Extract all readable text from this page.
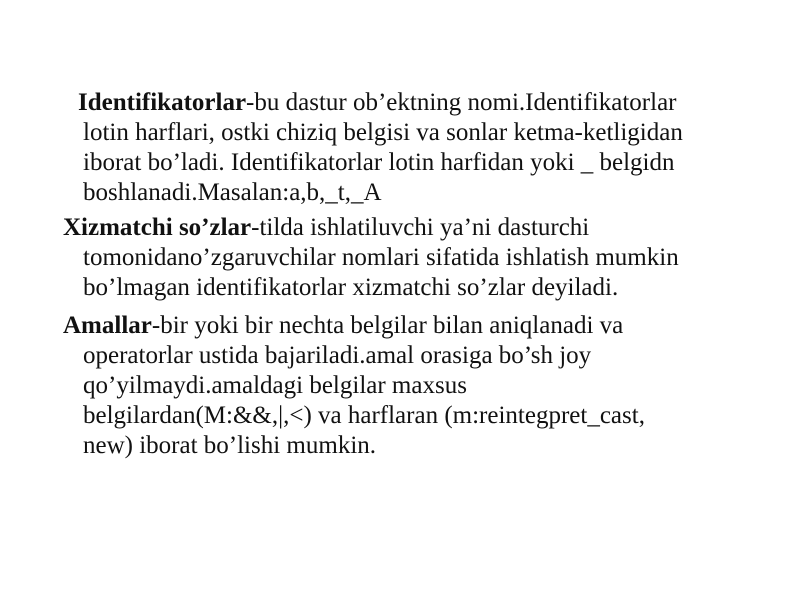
Identifikatorlar-bu dastur ob’ektning nomi.Identifikatorlar
lotin harflari, ostki chiziq belgisi va sonlar ketma-ketligidan
iborat bo’ladi. Identifikatorlar lotin harfidan yoki _ belgidn
boshlanadi.Masalan:a,b,_t,_A

Xizmatchi so’zlar-tilda ishlatiluvchi ya’ni dasturchi
tomonidano’zgaruvchilar nomlari sifatida ishlatish mumkin
bo’lmagan identifikatorlar xizmatchi so’zlar deyiladi.

Amallar-bir yoki bir nechta belgilar bilan aniqlanadi va
operatorlar ustida bajariladi.amal orasiga bo’sh joy
qo’yilmaydi.amaldagi belgilar maxsus
belgilardan(M:&&,|,<) va harflaran (m:reintegpret_cast,
new) iborat bo’lishi mumkin.
